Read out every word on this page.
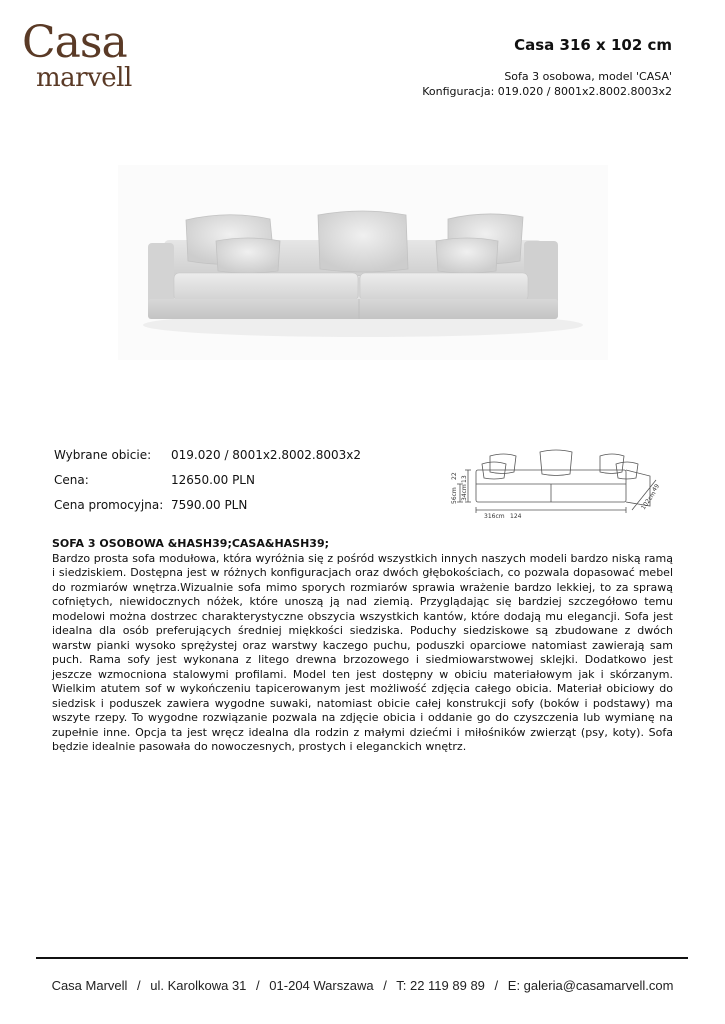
Casa
marvell
Casa 316 x 102 cm
Sofa 3 osobowa, model 'CASA'
Konfiguracja: 019.020 / 8001x2.8002.8003x2
Wybrane obicie:	019.020 / 8001x2.8002.8003x2
Cena:	12650.00 PLN
Cena promocyjna: 7590.00 PLN
56cm
22
34cm
13
316cm 124
102cm
49
SOFA 3 OSOBOWA &HASH39;CASA&HASH39;
Bardzo prosta sofa modułowa, która wyróżnia się z pośród wszystkich innych naszych modeli bardzo niską ramą i siedziskiem. Dostępna jest w różnych konfiguracjach oraz dwóch głębokościach, co pozwala dopasować mebel do rozmiarów wnętrza.Wizualnie sofa mimo sporych rozmiarów sprawia wrażenie bardzo lekkiej, to za sprawą cofniętych, niewidocznych nóżek, które unoszą ją nad ziemią. Przyglądając się bardziej szczegółowo temu modelowi można dostrzec charakterystyczne obszycia wszystkich kantów, które dodają mu elegancji. Sofa jest idealna dla osób preferujących średniej miękkości siedziska. Poduchy siedziskowe są zbudowane z dwóch warstw pianki wysoko sprężystej oraz warstwy kaczego puchu, poduszki oparciowe natomiast zawierają sam puch. Rama sofy jest wykonana z litego drewna brzozowego i siedmiowarstwowej sklejki. Dodatkowo jest jeszcze wzmocniona stalowymi profilami. Model ten jest dostępny w obiciu materiałowym jak i skórzanym. Wielkim atutem sof w wykończeniu tapicerowanym jest możliwość zdjęcia całego obicia. Materiał obiciowy do siedzisk i poduszek zawiera wygodne suwaki, natomiast obicie całej konstrukcji sofy (boków i podstawy) ma wszyte rzepy. To wygodne rozwiązanie pozwala na zdjęcie obicia i oddanie go do czyszczenia lub wymianę na zupełnie inne. Opcja ta jest wręcz idealna dla rodzin z małymi dziećmi i miłośników zwierząt (psy, koty). Sofa będzie idealnie pasowała do nowoczesnych, prostych i eleganckich wnętrz.
Casa Marvell / ul. Karolkowa 31 / 01-204 Warszawa / T: 22 119 89 89 / E: galeria@casamarvell.com
